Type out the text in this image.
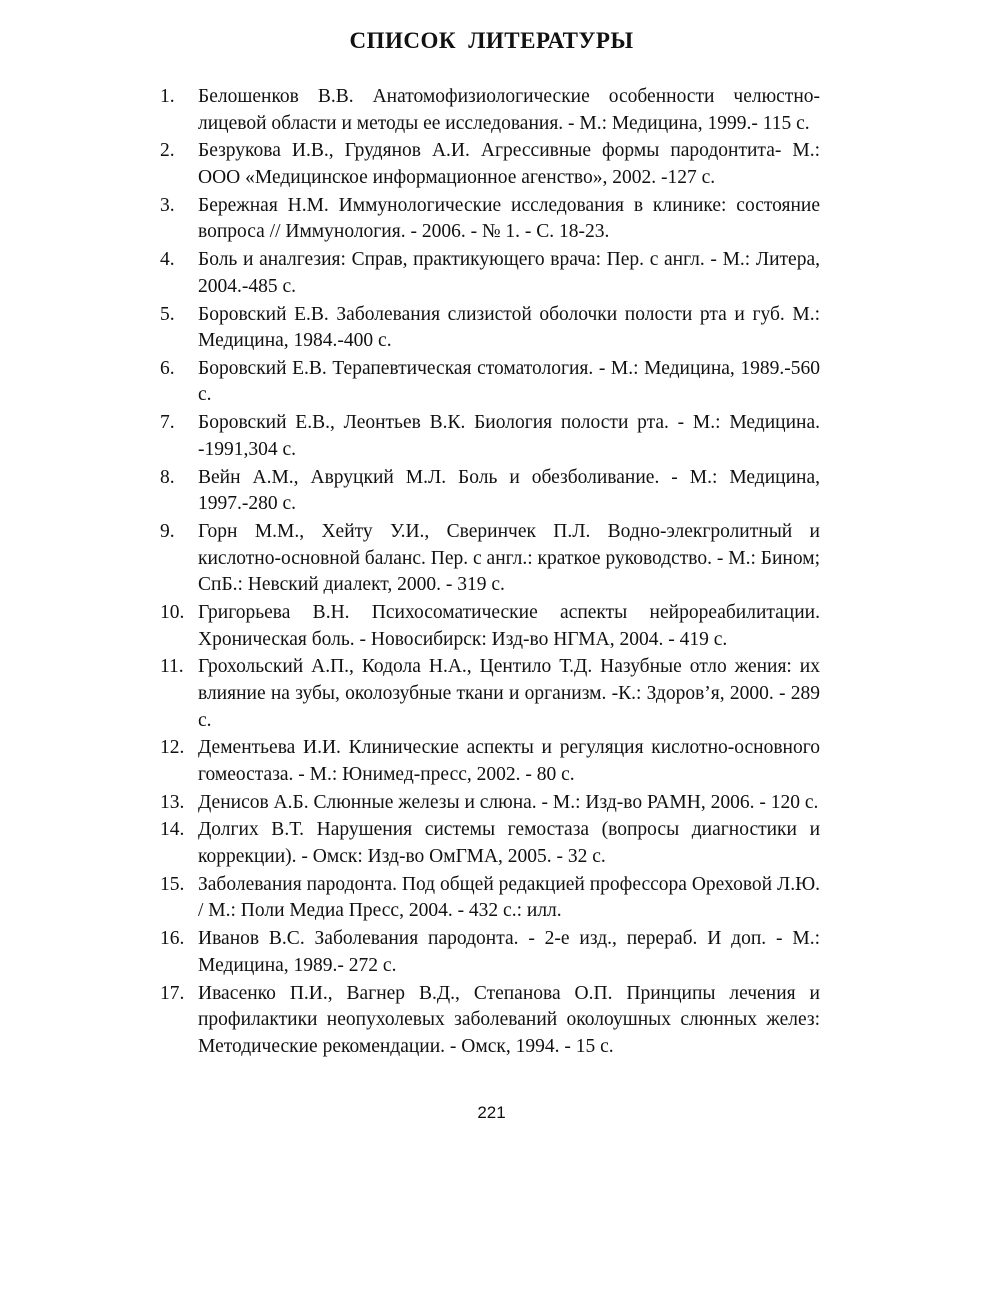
СПИСОК ЛИТЕРАТУРЫ
1.	Белошенков В.В. Анатомофизиологические особенности челюстно-лицевой области и методы ее исследования. - М.: Медицина, 1999.- 115 с.
2.	Безрукова И.В., Грудянов А.И. Агрессивные формы пародонтита- М.: ООО «Медицинское информационное агенство», 2002. -127 с.
3.	Бережная Н.М. Иммунологические исследования в клинике: состояние вопроса // Иммунология. - 2006. - № 1. - С. 18-23.
4.	Боль и аналгезия: Справ, практикующего врача: Пер. с англ. - М.: Литера, 2004.-485 с.
5.	Боровский Е.В. Заболевания слизистой оболочки полости рта и губ. М.: Медицина, 1984.-400 с.
6.	Боровский Е.В. Терапевтическая стоматология. - М.: Медицина, 1989.-560 с.
7.	Боровский Е.В., Леонтьев В.К. Биология полости рта. - М.: Медицина. -1991,304 с.
8.	Вейн А.М., Авруцкий М.Л. Боль и обезболивание. - М.: Медицина, 1997.-280 с.
9.	Горн М.М., Хейту У.И., Сверинчек П.Л. Водно-элекгролитный и кислотно-основной баланс. Пер. с англ.: краткое руководство. - М.: Бином; СпБ.: Невский диалект, 2000. - 319 с.
10. Григорьева В.Н. Психосоматические аспекты нейрореабилитации. Хроническая боль. - Новосибирск: Изд-во НГМА, 2004. - 419 с.
11. Грохольский А.П., Кодола Н.А., Центило Т.Д. Назубные отло жения: их влияние на зубы, околозубные ткани и организм. -К.: Здоров’я, 2000. - 289 с.
12. Дементьева И.И. Клинические аспекты и регуляция кислотно-основного гомеостаза. - М.: Юнимед-пресс, 2002. - 80 с.
13. Денисов А.Б. Слюнные железы и слюна. - М.: Изд-во РАМН, 2006. - 120 с.
14. Долгих В.Т. Нарушения системы гемостаза (вопросы диагностики и коррекции). - Омск: Изд-во ОмГМА, 2005. - 32 с.
15. Заболевания пародонта. Под общей редакцией профессора Ореховой Л.Ю. / М.: Поли Медиа Пресс, 2004. - 432 с.: илл.
16. Иванов В.С. Заболевания пародонта. - 2-е изд., перераб. И доп. - М.: Медицина, 1989.- 272 с.
17. Ивасенко П.И., Вагнер В.Д., Степанова О.П. Принципы лечения и профилактики неопухолевых заболеваний околоушных слюнных желез: Методические рекомендации. - Омск, 1994. - 15 с.
221
